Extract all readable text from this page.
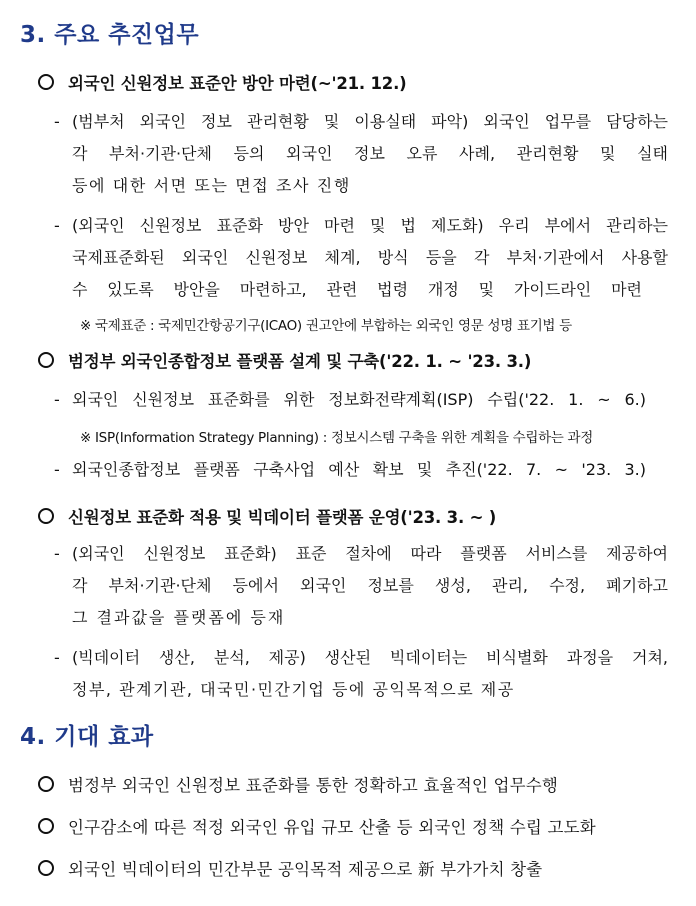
3. 주요 추진업무
외국인 신원정보 표준안 방안 마련(~'21. 12.)
- (범부처 외국인 정보 관리현황 및 이용실태 파악) 외국인 업무를 담당하는
각 부처·기관·단체 등의 외국인 정보 오류 사례, 관리현황 및 실태
등에 대한 서면 또는 면접 조사 진행
- (외국인 신원정보 표준화 방안 마련 및 법 제도화) 우리 부에서 관리하는
국제표준화된 외국인 신원정보 체계, 방식 등을 각 부처·기관에서 사용할
수 있도록 방안을 마련하고, 관련 법령 개정 및 가이드라인 마련
※ 국제표준 : 국제민간항공기구(ICAO) 권고안에 부합하는 외국인 영문 성명 표기법 등
범정부 외국인종합정보 플랫폼 설계 및 구축('22. 1. ~ '23. 3.)
- 외국인 신원정보 표준화를 위한 정보화전략계획(ISP) 수립('22. 1. ~ 6.)
※ ISP(Information Strategy Planning) : 정보시스템 구축을 위한 계획을 수립하는 과정
- 외국인종합정보 플랫폼 구축사업 예산 확보 및 추진('22. 7. ~ '23. 3.)
신원정보 표준화 적용 및 빅데이터 플랫폼 운영('23. 3. ~ )
- (외국인 신원정보 표준화) 표준 절차에 따라 플랫폼 서비스를 제공하여
각 부처·기관·단체 등에서 외국인 정보를 생성, 관리, 수정, 폐기하고
그 결과값을 플랫폼에 등재
- (빅데이터 생산, 분석, 제공) 생산된 빅데이터는 비식별화 과정을 거쳐,
정부, 관계기관, 대국민·민간기업 등에 공익목적으로 제공
4. 기대 효과
범정부 외국인 신원정보 표준화를 통한 정확하고 효율적인 업무수행
인구감소에 따른 적정 외국인 유입 규모 산출 등 외국인 정책 수립 고도화
외국인 빅데이터의 민간부문 공익목적 제공으로 新 부가가치 창출
